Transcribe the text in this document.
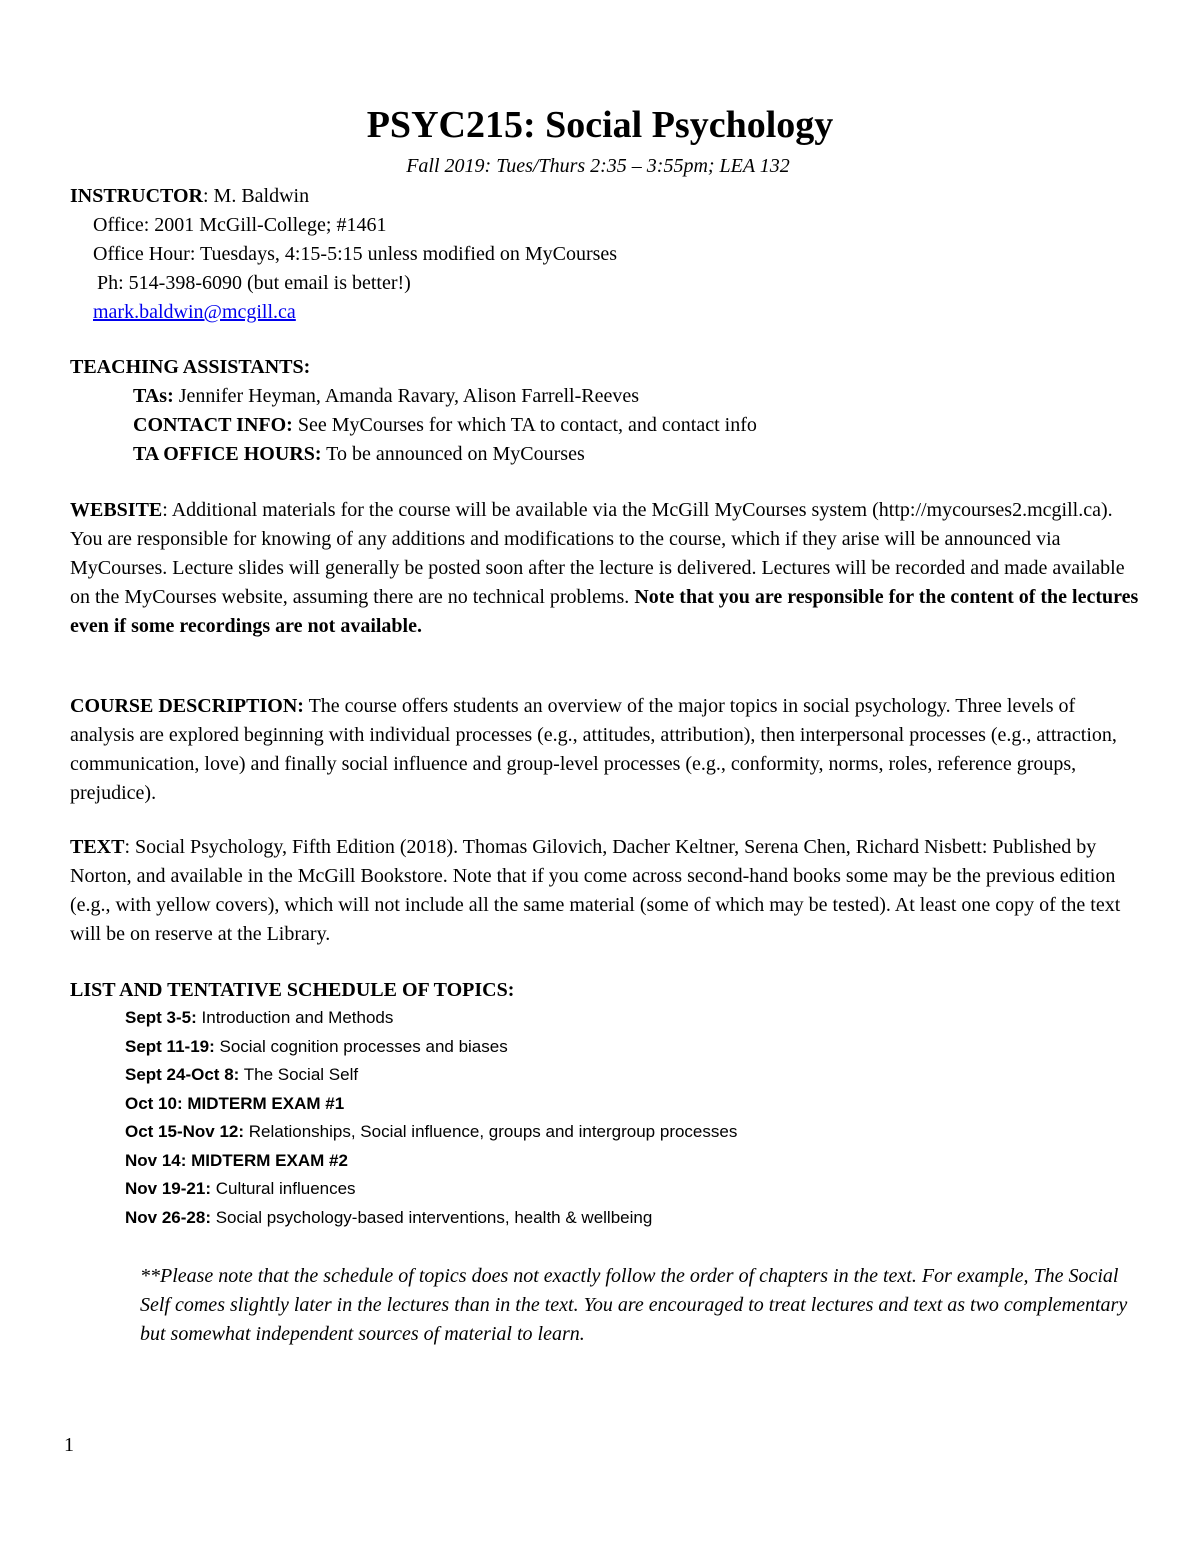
PSYC215: Social Psychology
Fall 2019: Tues/Thurs 2:35 – 3:55pm; LEA 132
INSTRUCTOR: M. Baldwin
Office: 2001 McGill-College; #1461
Office Hour: Tuesdays, 4:15-5:15 unless modified on MyCourses
Ph: 514-398-6090 (but email is better!)
mark.baldwin@mcgill.ca
TEACHING ASSISTANTS:
TAs: Jennifer Heyman, Amanda Ravary, Alison Farrell-Reeves
CONTACT INFO: See MyCourses for which TA to contact, and contact info
TA OFFICE HOURS: To be announced on MyCourses
WEBSITE: Additional materials for the course will be available via the McGill MyCourses system (http://mycourses2.mcgill.ca). You are responsible for knowing of any additions and modifications to the course, which if they arise will be announced via MyCourses. Lecture slides will generally be posted soon after the lecture is delivered. Lectures will be recorded and made available on the MyCourses website, assuming there are no technical problems. Note that you are responsible for the content of the lectures even if some recordings are not available.
COURSE DESCRIPTION: The course offers students an overview of the major topics in social psychology. Three levels of analysis are explored beginning with individual processes (e.g., attitudes, attribution), then interpersonal processes (e.g., attraction, communication, love) and finally social influence and group-level processes (e.g., conformity, norms, roles, reference groups, prejudice).
TEXT: Social Psychology, Fifth Edition (2018). Thomas Gilovich, Dacher Keltner, Serena Chen, Richard Nisbett: Published by Norton, and available in the McGill Bookstore. Note that if you come across second-hand books some may be the previous edition (e.g., with yellow covers), which will not include all the same material (some of which may be tested). At least one copy of the text will be on reserve at the Library.
LIST AND TENTATIVE SCHEDULE OF TOPICS:
Sept 3-5: Introduction and Methods
Sept 11-19: Social cognition processes and biases
Sept 24-Oct 8: The Social Self
Oct 10: MIDTERM EXAM #1
Oct 15-Nov 12: Relationships, Social influence, groups and intergroup processes
Nov 14: MIDTERM EXAM #2
Nov 19-21: Cultural influences
Nov 26-28: Social psychology-based interventions, health & wellbeing
**Please note that the schedule of topics does not exactly follow the order of chapters in the text. For example, The Social Self comes slightly later in the lectures than in the text. You are encouraged to treat lectures and text as two complementary but somewhat independent sources of material to learn.
1
